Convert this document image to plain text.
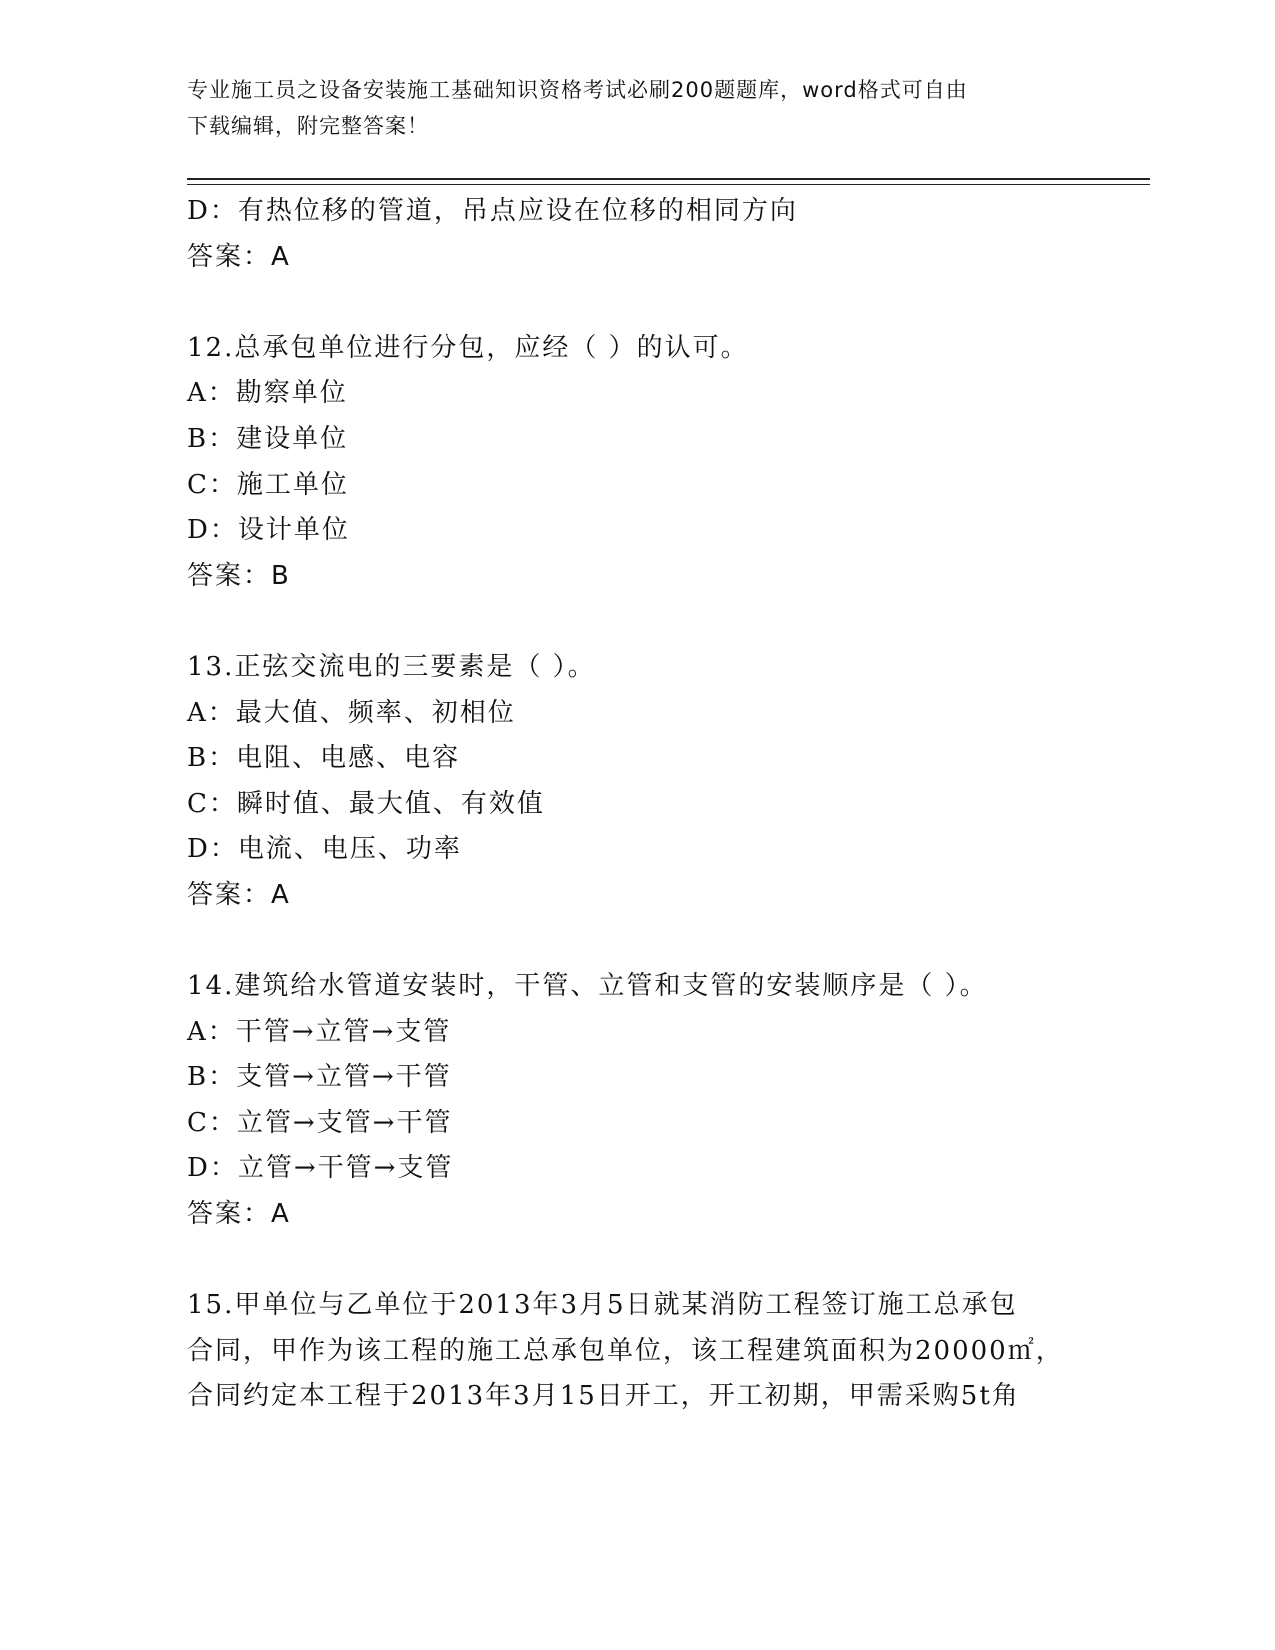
专业施工员之设备安装施工基础知识资格考试必刷200题题库，word格式可自由
下载编辑，附完整答案！
D：有热位移的管道，吊点应设在位移的相同方向
答案：A
12.总承包单位进行分包，应经（ ）的认可。
A：勘察单位
B：建设单位
C：施工单位
D：设计单位
答案：B
13.正弦交流电的三要素是（ ）。
A：最大值、频率、初相位
B：电阻、电感、电容
C：瞬时值、最大值、有效值
D：电流、电压、功率
答案：A
14.建筑给水管道安装时，干管、立管和支管的安装顺序是（ ）。
A：干管→立管→支管
B：支管→立管→干管
C：立管→支管→干管
D：立管→干管→支管
答案：A
15.甲单位与乙单位于2013年3月5日就某消防工程签订施工总承包
合同，甲作为该工程的施工总承包单位，该工程建筑面积为20000㎡，
合同约定本工程于2013年3月15日开工，开工初期，甲需采购5t角
